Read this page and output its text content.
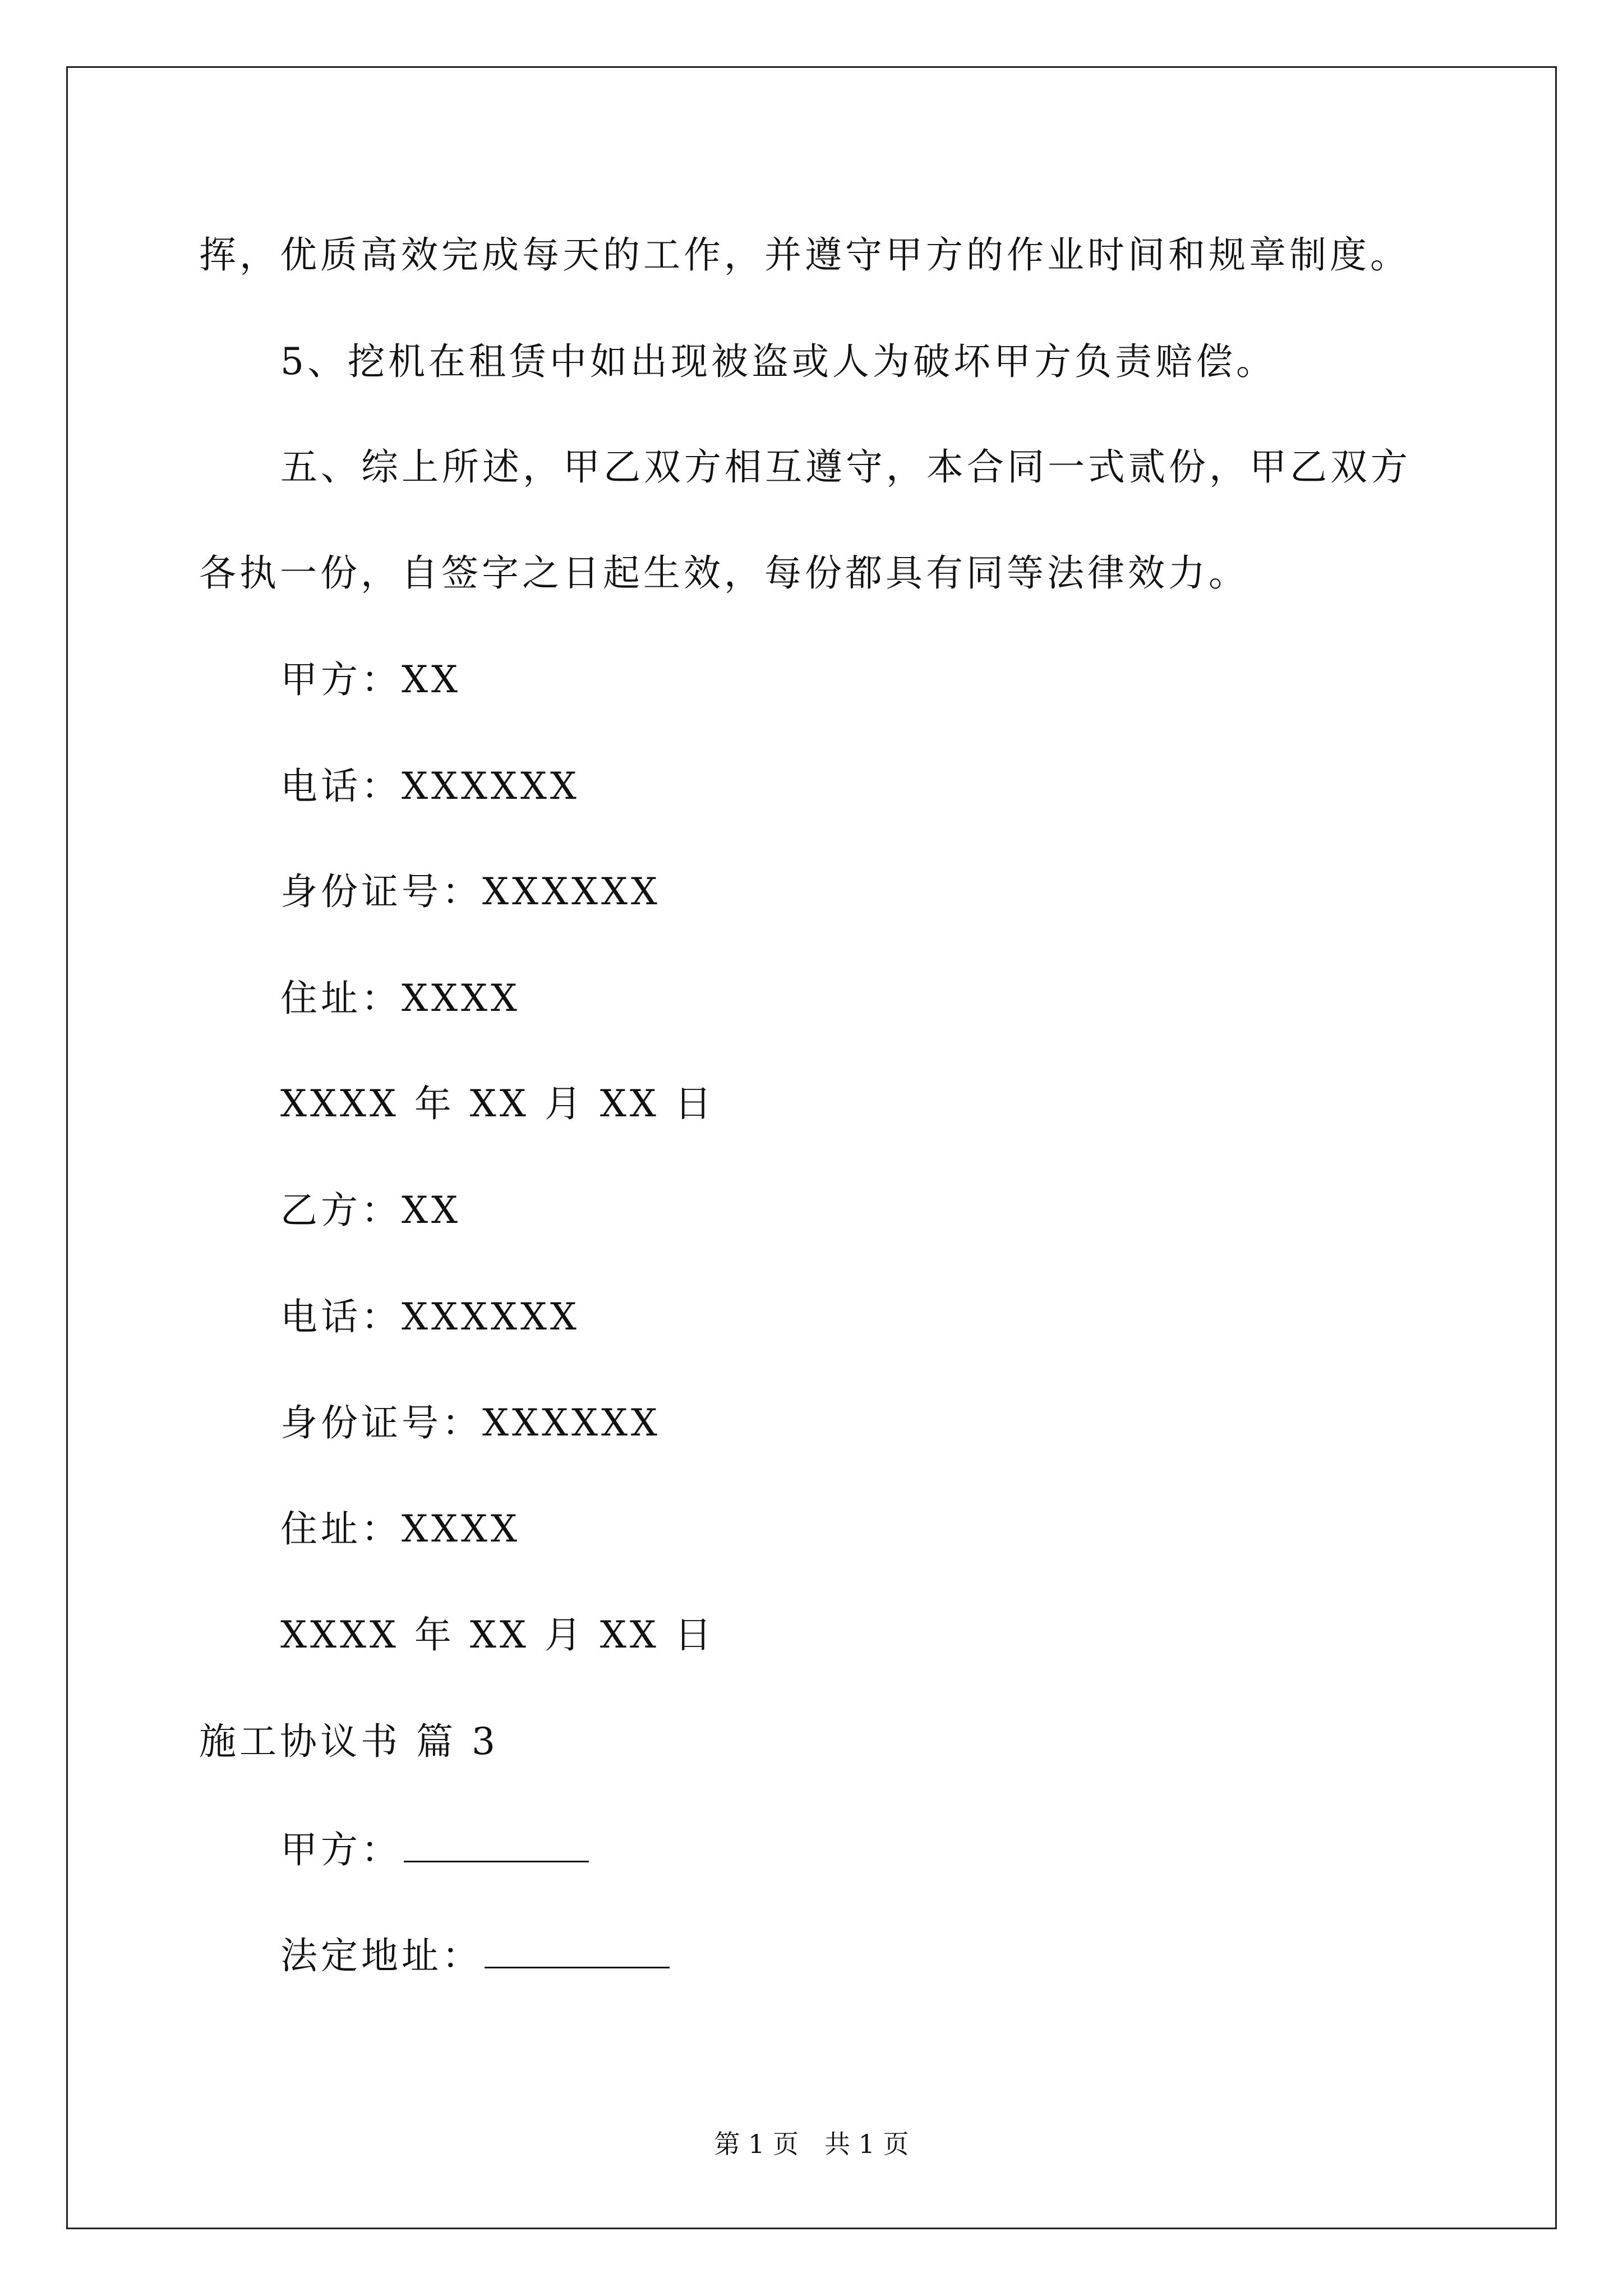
挥，优质高效完成每天的工作，并遵守甲方的作业时间和规章制度。
5、挖机在租赁中如出现被盗或人为破坏甲方负责赔偿。
五、综上所述，甲乙双方相互遵守，本合同一式贰份，甲乙双方
各执一份，自签字之日起生效，每份都具有同等法律效力。
甲方：XX
电话：XXXXXX
身份证号：XXXXXX
住址：XXXX
XXXX 年 XX 月 XX 日
乙方：XX
电话：XXXXXX
身份证号：XXXXXX
住址：XXXX
XXXX 年 XX 月 XX 日
施工协议书 篇 3
甲方：
法定地址：
第 1 页 共 1 页
